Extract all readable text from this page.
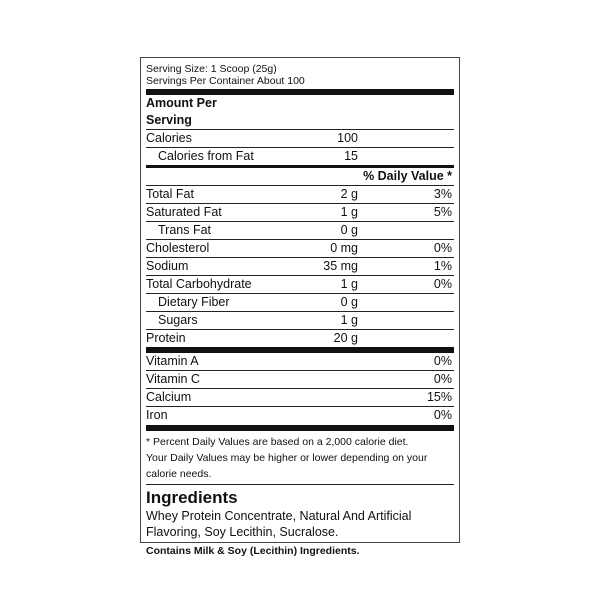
Serving Size: 1 Scoop (25g)
Servings Per Container About 100
Amount Per
Serving
Calories	100
Calories from Fat	15
% Daily Value *
Total Fat	2 g	3%
Saturated Fat	1 g	5%
Trans Fat	0 g
Cholesterol	0 mg	0%
Sodium	35 mg	1%
Total Carbohydrate	1 g	0%
Dietary Fiber	0 g
Sugars	1 g
Protein	20 g
Vitamin A	0%
Vitamin C	0%
Calcium	15%
Iron	0%
* Percent Daily Values are based on a 2,000 calorie diet.
Your Daily Values may be higher or lower depending on your
calorie needs.
Ingredients
Whey Protein Concentrate, Natural And Artificial
Flavoring, Soy Lecithin, Sucralose.
Contains Milk & Soy (Lecithin) Ingredients.
